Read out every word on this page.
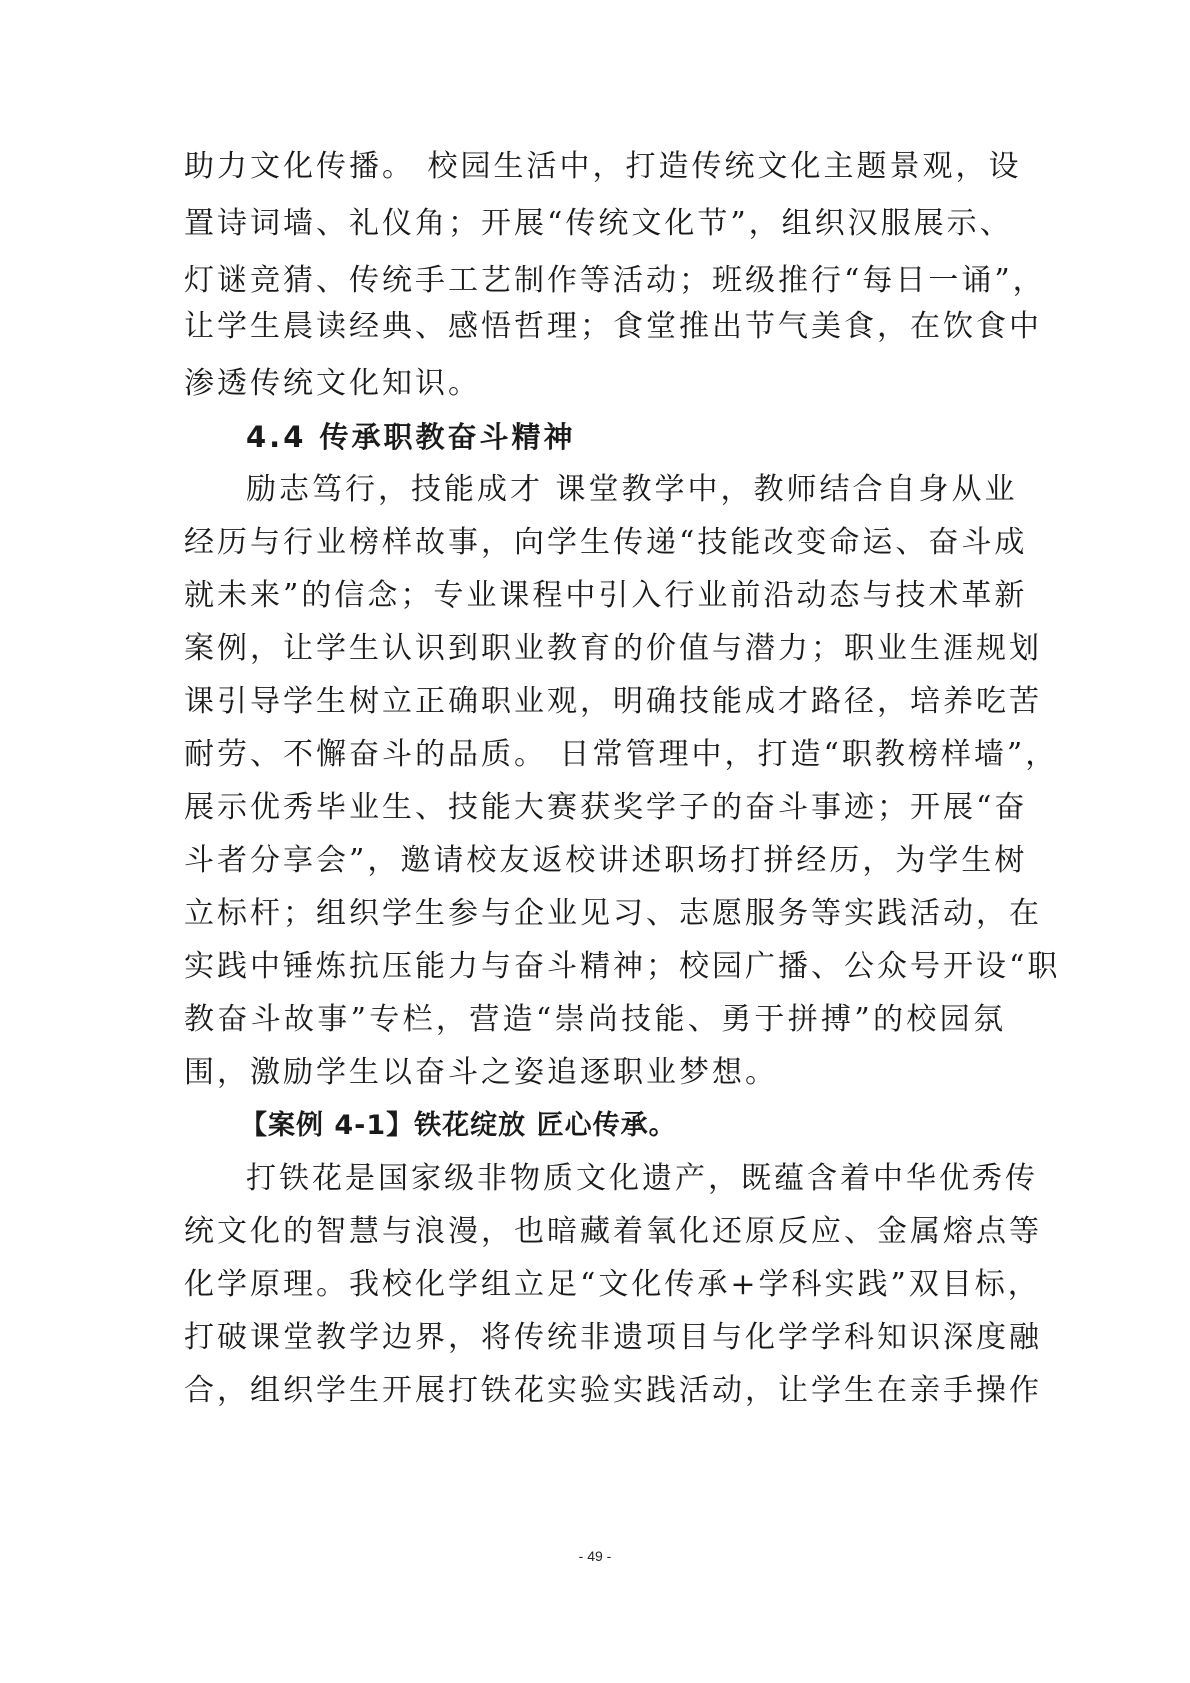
助力文化传播。 校园生活中，打造传统文化主题景观，设
置诗词墙、礼仪角；开展“传统文化节”，组织汉服展示、
灯谜竞猜、传统手工艺制作等活动；班级推行“每日一诵”，
让学生晨读经典、感悟哲理；食堂推出节气美食，在饮食中
渗透传统文化知识。
4.4 传承职教奋斗精神
励志笃行，技能成才 课堂教学中，教师结合自身从业
经历与行业榜样故事，向学生传递“技能改变命运、奋斗成
就未来”的信念；专业课程中引入行业前沿动态与技术革新
案例，让学生认识到职业教育的价值与潜力；职业生涯规划
课引导学生树立正确职业观，明确技能成才路径，培养吃苦
耐劳、不懈奋斗的品质。 日常管理中，打造“职教榜样墙”，
展示优秀毕业生、技能大赛获奖学子的奋斗事迹；开展“奋
斗者分享会”，邀请校友返校讲述职场打拼经历，为学生树
立标杆；组织学生参与企业见习、志愿服务等实践活动，在
实践中锤炼抗压能力与奋斗精神；校园广播、公众号开设“职
教奋斗故事”专栏，营造“崇尚技能、勇于拼搏”的校园氛
围，激励学生以奋斗之姿追逐职业梦想。
【案例 4-1】铁花绽放 匠心传承。
打铁花是国家级非物质文化遗产，既蕴含着中华优秀传
统文化的智慧与浪漫，也暗藏着氧化还原反应、金属熔点等
化学原理。我校化学组立足“文化传承+学科实践”双目标，
打破课堂教学边界，将传统非遗项目与化学学科知识深度融
合，组织学生开展打铁花实验实践活动，让学生在亲手操作
- 49 -
